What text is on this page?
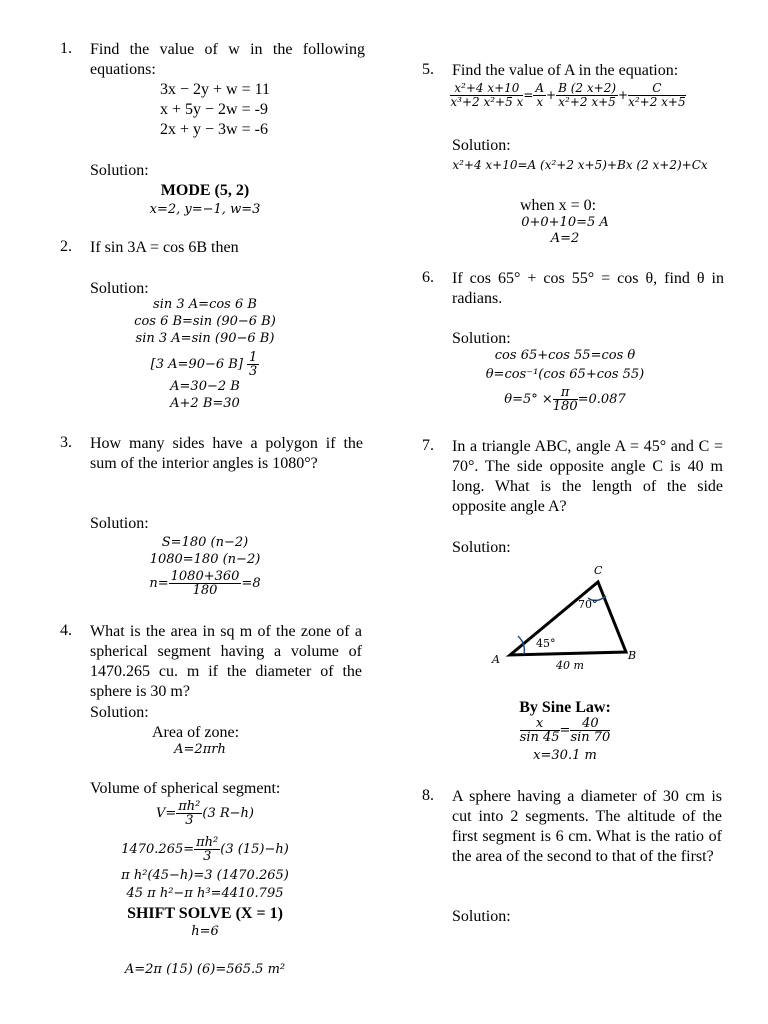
1. Find the value of w in the following equations:
3x − 2y + w = 11
x + 5y − 2w = -9
2x + y − 3w = -6
Solution:
MODE (5, 2)
x=2, y=−1, w=3
2. If sin 3A = cos 6B then
Solution:
sin 3 A=cos 6 B
cos 6 B=sin (90−6 B)
sin 3 A=sin (90−6 B)
[3 A=90−6 $B] \frac{1}{3}$
A=30−2 B
A+2 B=30
3. How many sides have a polygon if the sum of the interior angles is 1080°?
Solution:
S=180 (n−2)
1080=180 (n−2)
$n= \frac{1080+360}{180} =8$
4. What is the area in sq m of the zone of a spherical segment having a volume of 1470.265 cu. m if the diameter of the sphere is 30 m?
Solution:
Area of zone:
A=2πrh
Volume of spherical segment:
$V= \frac{\text{πh²}}{3} (3$ R−h)
$1470.265= \frac{\text{πh²}}{3} (3$ (15)−h)
π h²(45−h)=3 (1470.265)
45 π h²−π h³=4410.795
SHIFT SOLVE (X = 1)
h=6
A=2π (15) (6)=565.5 m²
5. Find the value of A in the equation:
$\frac{\text{x²+4 x+10}}{\text{x³+2 x²+5 x}} = \frac{A}{x} + \frac{B (2 x+2)}{\text{x²+2 x+5}} + \frac{C}{\text{x²+2 x+5}}$
Solution:
x²+4 x+10=A (x²+2 x+5)+Bx (2 x+2)+Cx
when x = 0:
0+0+10=5 A
A=2
6. If cos 65° + cos 55° = cos θ, find θ in radians.
Solution:
cos 65+cos 55=cos θ
θ=cos⁻¹(cos 65+cos 55)
$\theta=5^\circ \times \frac{\pi}{180} =0.087$
7. In a triangle ABC, angle A = 45° and C = 70°. The side opposite angle C is 40 m long. What is the length of the side opposite angle A?
Solution:
C
A	B
70°
45°
40 m
By Sine Law:
$\frac{x}{\sin 45} = \frac{40}{\sin 70}$
x=30.1 m
8. A sphere having a diameter of 30 cm is cut into 2 segments. The altitude of the first segment is 6 cm. What is the ratio of the area of the second to that of the first?
Solution:
